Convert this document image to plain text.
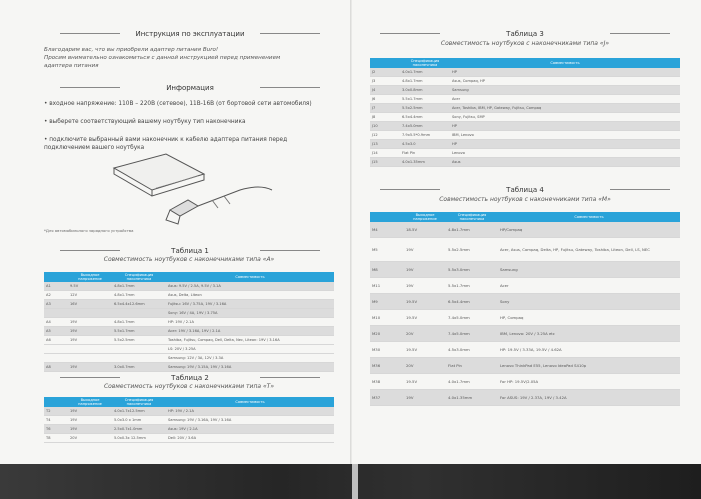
Инструкция по эксплуатации
Благодарим вас, что вы приобрели адаптер питания Buro!
Просим внимательно ознакомиться с данной инструкцией перед применением
адаптера питания
Информация
• входное напряжение: 110В – 220В (сетевое), 11В-16В (от бортовой сети автомобиля)
• выберете соответствующий вашему ноутбуку тип наконечника
• подключите выбранный вами наконечник к кабелю адаптера питания перед подключением вашего ноутбука
*Для автомобильного зарядного устройства
Таблица 1
Совместимость ноутбуков с наконечниками типа «A»
	Выходное напряжение	Спецификация наконечника	Совместимость
A1	9.5V	4.8x1.7mm	Asus: 9.5V / 2.5A, 9.5V / 3.1A
A2	12V	4.8x1.7mm	Asus, Delta, Liteon
A3	16V	6.5x4.4x12.6mm	Fujitsu: 16V / 3.75A, 19V / 3.16A
			Sony: 16V / 4A, 19V / 3.75A
A4	19V	4.8x1.7mm	HP: 19V / 2.1A
A5	19V	5.5x1.7mm	Acer: 19V / 3.16A, 19V / 2.1A
A6	19V	5.5x2.5mm	Toshiba, Fujitsu, Compaq, Dell, Delta, Nec, Liteon: 19V / 3.16A
			LS: 20V / 3.25A
			Samsung: 12V / 3A, 12V / 3.3A
A8	19V	3.0x0.7mm	Samsung: 19V / 3.15A, 19V / 3.16A
Таблица 2
Совместимость ноутбуков с наконечниками типа «T»
	Выходное напряжение	Спецификация наконечника	Совместимость
T2	19V	4.0x1.7x12.5mm	HP: 19V / 2.1A
T4	19V	5.0x3.0 x 1mm	Samsung: 19V / 3.16A, 19V / 3.16A
T6	19V	2.5x0.7x1.0mm	Asus: 19V / 2.1A
T8	20V	5.0x0.3x 12.5mm	Dell: 20V / 3.6A
Таблица 3
Совместимость ноутбуков с наконечниками типа «J»
	Спецификация наконечника	Совместимость
J2	4.0x1.7mm	HP
J3	4.8x1.7mm	Asus, Compaq, HP
J4	3.0x0.8mm	Samsung
J6	5.5x1.7mm	Acer
J7	5.5x2.5mm	Acer, Toshiba, IBM, HP, Gateway, Fujitsu, Compaq
J8	6.5x4.4mm	Sony, Fujitsu, SMP
J10	7.4x5.0mm	HP
J12	7.9x5.5*0.9mm	IBM, Lenovo
J13	4.5x3.0	HP
J14	Flat Pin	Lenovo
J15	4.0x1.35mm	Asus
Таблица 4
Совместимость ноутбуков с наконечниками типа «M»
	Выходное напряжение	Спецификация наконечника	Совместимость
M4	18.5V	4.8x1.7mm	HP/Compaq
M5	19V	5.5x2.5mm	Acer, Asus, Compaq, Delta, HP, Fujitsu, Gateway, Toshiba, Liteon, Dell, LS, NEC
M8	19V	5.5x3.0mm	Samsung
M11	19V	5.5x1.7mm	Acer
M9	19.5V	6.5x4.4mm	Sony
M10	19.5V	7.4x5.0mm	HP, Compaq
M20	20V	7.4x5.0mm	IBM, Lenovo: 20V / 3.25A etc
M30	19.5V	4.5x3.0mm	HP: 19.5V / 3.33A, 19.5V / 4.62A
M36	20V	Flat Pin	Lenovo ThinkPad E55, Lenovo IdeaPad S410p
M38	19.5V	4.0x1.7mm	For HP: 19.5V/2.05A
M37	19V	4.0x1.35mm	For ASUS: 19V / 2.37A, 19V / 3.42A
